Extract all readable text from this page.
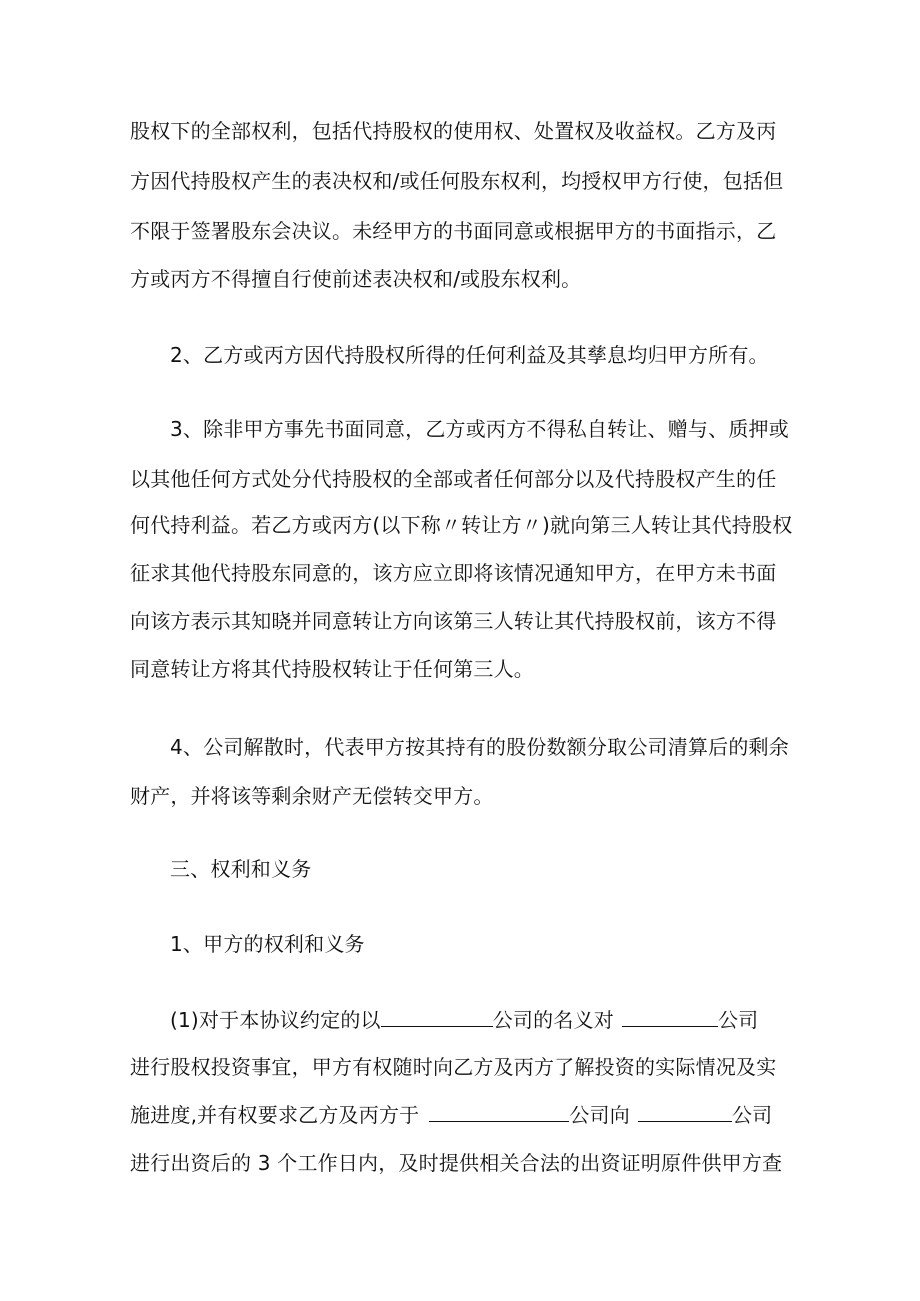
股权下的全部权利，包括代持股权的使用权、处置权及收益权。乙方及丙
方因代持股权产生的表决权和/或任何股东权利，均授权甲方行使，包括但
不限于签署股东会决议。未经甲方的书面同意或根据甲方的书面指示，乙
方或丙方不得擅自行使前述表决权和/或股东权利。
2、乙方或丙方因代持股权所得的任何利益及其孳息均归甲方所有。
3、除非甲方事先书面同意，乙方或丙方不得私自转让、赠与、质押或
以其他任何方式处分代持股权的全部或者任何部分以及代持股权产生的任
何代持利益。若乙方或丙方(以下称〃转让方〃)就向第三人转让其代持股权
征求其他代持股东同意的，该方应立即将该情况通知甲方，在甲方未书面
向该方表示其知晓并同意转让方向该第三人转让其代持股权前，该方不得
同意转让方将其代持股权转让于任何第三人。
4、公司解散时，代表甲方按其持有的股份数额分取公司清算后的剩余
财产，并将该等剩余财产无偿转交甲方。
三、权利和义务
1、甲方的权利和义务
(1)对于本协议约定的以	公司的名义对	公司
进行股权投资事宜，甲方有权随时向乙方及丙方了解投资的实际情况及实
施进度,并有权要求乙方及丙方于	公司向	公司
进行出资后的 3 个工作日内，及时提供相关合法的出资证明原件供甲方查
